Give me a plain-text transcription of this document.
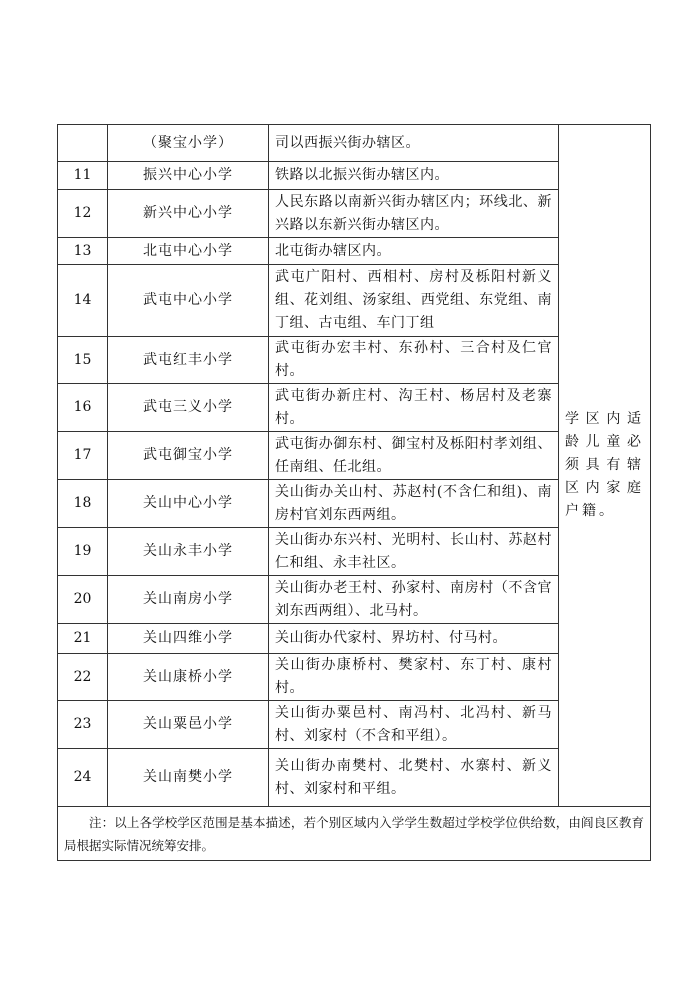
	（聚宝小学）	司以西振兴街办辖区。	学区内适龄儿童必须具有辖区内家庭户籍。
11	振兴中心小学	铁路以北振兴街办辖区内。	
12	新兴中心小学	人民东路以南新兴街办辖区内；环线北、新兴路以东新兴街办辖区内。	
13	北屯中心小学	北屯街办辖区内。	
14	武屯中心小学	武屯广阳村、西相村、房村及栎阳村新义组、花刘组、汤家组、西党组、东党组、南丁组、古屯组、车门丁组	
15	武屯红丰小学	武屯街办宏丰村、东孙村、三合村及仁官村。	
16	武屯三义小学	武屯街办新庄村、沟王村、杨居村及老寨村。	
17	武屯御宝小学	武屯街办御东村、御宝村及栎阳村孝刘组、任南组、任北组。	
18	关山中心小学	关山街办关山村、苏赵村(不含仁和组)、南房村官刘东西两组。	
19	关山永丰小学	关山街办东兴村、光明村、长山村、苏赵村仁和组、永丰社区。	
20	关山南房小学	关山街办老王村、孙家村、南房村（不含官刘东西两组）、北马村。	
21	关山四维小学	关山街办代家村、界坊村、付马村。	
22	关山康桥小学	关山街办康桥村、樊家村、东丁村、康村村。	
23	关山粟邑小学	关山街办粟邑村、南冯村、北冯村、新马村、刘家村（不含和平组）。	
24	关山南樊小学	关山街办南樊村、北樊村、水寨村、新义村、刘家村和平组。	
注：以上各学校学区范围是基本描述，若个别区域内入学学生数超过学校学位供给数，由阎良区教育局根据实际情况统筹安排。			
